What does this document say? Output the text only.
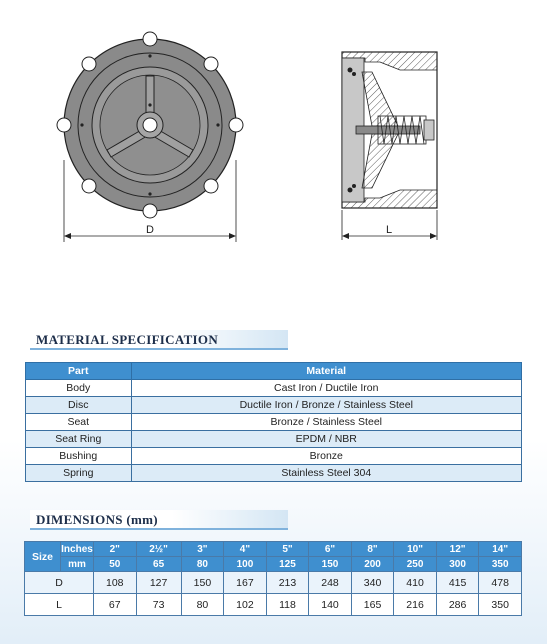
D	L
MATERIAL SPECIFICATION
Part	Material
Body	Cast Iron / Ductile Iron
Disc	Ductile Iron / Bronze / Stainless Steel
Seat	Bronze / Stainless Steel
Seat Ring	EPDM / NBR
Bushing	Bronze
Spring	Stainless Steel 304
DIMENSIONS (mm)
Size	Inches	2"	2½"	3"	4"	5"	6"	8"	10"	12"	14"
	mm	50	65	80	100	125	150	200	250	300	350
D		108	127	150	167	213	248	340	410	415	478
L		67	73	80	102	118	140	165	216	286	350
